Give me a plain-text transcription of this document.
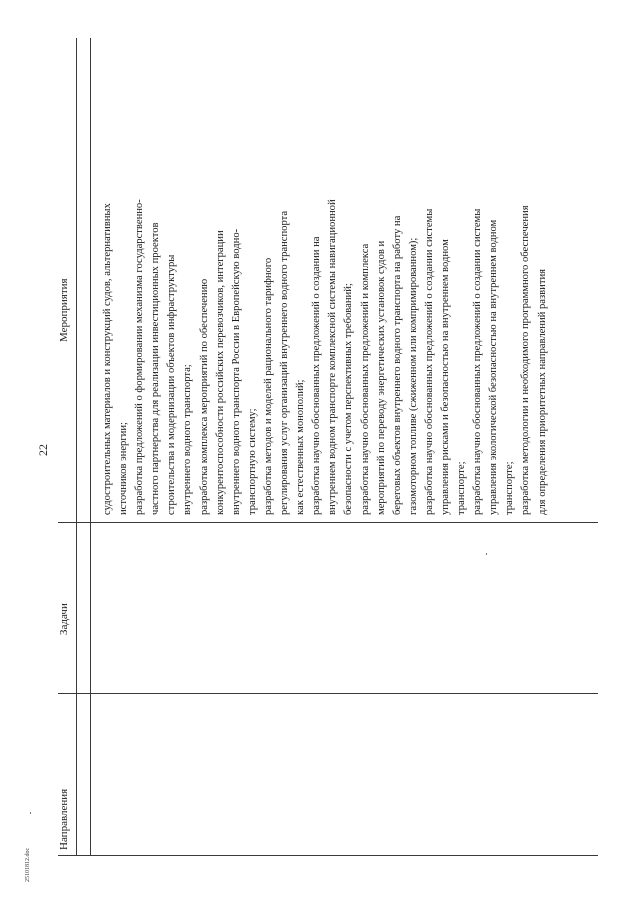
22
Направления
Задачи
Мероприятия	судостроительных материалов и конструкций судов, альтернативных источников энергии; разработка предложений о формировании механизма государственно- частного партнерства для реализации инвестиционных проектов строительства и модернизации объектов инфраструктуры внутреннего водного транспорта; разработка комплекса мероприятий по обеспечению конкурентоспособности российских перевозчиков, интеграции внутреннего водного транспорта России в Европейскую водно- транспортную систему; разработка методов и моделей рационального тарифного регулирования услуг организаций внутреннего водного транспорта как естественных монополий; разработка научно обоснованных предложений о создании на внутреннем водном транспорте комплексной системы навигационной безопасности с учетом перспективных требований; разработка научно обоснованных предложений и комплекса мероприятий по переводу энергетических установок судов и береговых объектов внутреннего водного транспорта на работу на газомоторном топливе (сжиженном или компримированном); разработка научно обоснованных предложений о создании системы управления рисками и безопасностью на внутреннем водном транспорте; разработка научно обоснованных предложений о создании системы управления экологической безопасностью на внутреннем водном транспорте; разработка методологии и необходимого программного обеспечения для определения приоритетных направлений развития
25101812.doc
